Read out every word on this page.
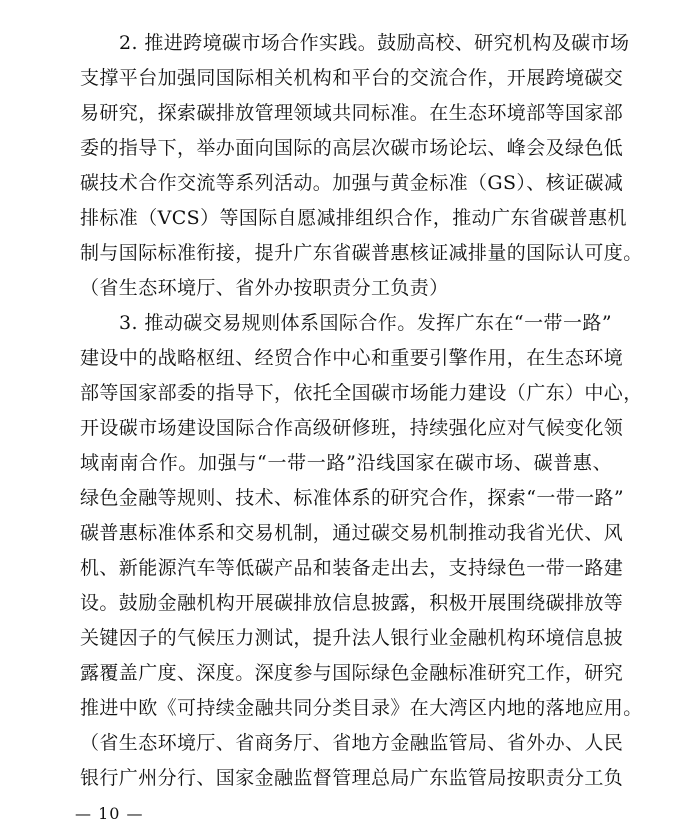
2. 推进跨境碳市场合作实践。鼓励高校、研究机构及碳市场
支撑平台加强同国际相关机构和平台的交流合作，开展跨境碳交
易研究，探索碳排放管理领域共同标准。在生态环境部等国家部
委的指导下，举办面向国际的高层次碳市场论坛、峰会及绿色低
碳技术合作交流等系列活动。加强与黄金标准（GS）、核证碳减
排标准（VCS）等国际自愿减排组织合作，推动广东省碳普惠机
制与国际标准衔接，提升广东省碳普惠核证减排量的国际认可度。
（省生态环境厅、省外办按职责分工负责）
3. 推动碳交易规则体系国际合作。发挥广东在“一带一路”
建设中的战略枢纽、经贸合作中心和重要引擎作用，在生态环境
部等国家部委的指导下，依托全国碳市场能力建设（广东）中心，
开设碳市场建设国际合作高级研修班，持续强化应对气候变化领
域南南合作。加强与“一带一路”沿线国家在碳市场、碳普惠、
绿色金融等规则、技术、标准体系的研究合作，探索“一带一路”
碳普惠标准体系和交易机制，通过碳交易机制推动我省光伏、风
机、新能源汽车等低碳产品和装备走出去，支持绿色一带一路建
设。鼓励金融机构开展碳排放信息披露，积极开展围绕碳排放等
关键因子的气候压力测试，提升法人银行业金融机构环境信息披
露覆盖广度、深度。深度参与国际绿色金融标准研究工作，研究
推进中欧《可持续金融共同分类目录》在大湾区内地的落地应用。
（省生态环境厅、省商务厅、省地方金融监管局、省外办、人民
银行广州分行、国家金融监督管理总局广东监管局按职责分工负
— 10 —
